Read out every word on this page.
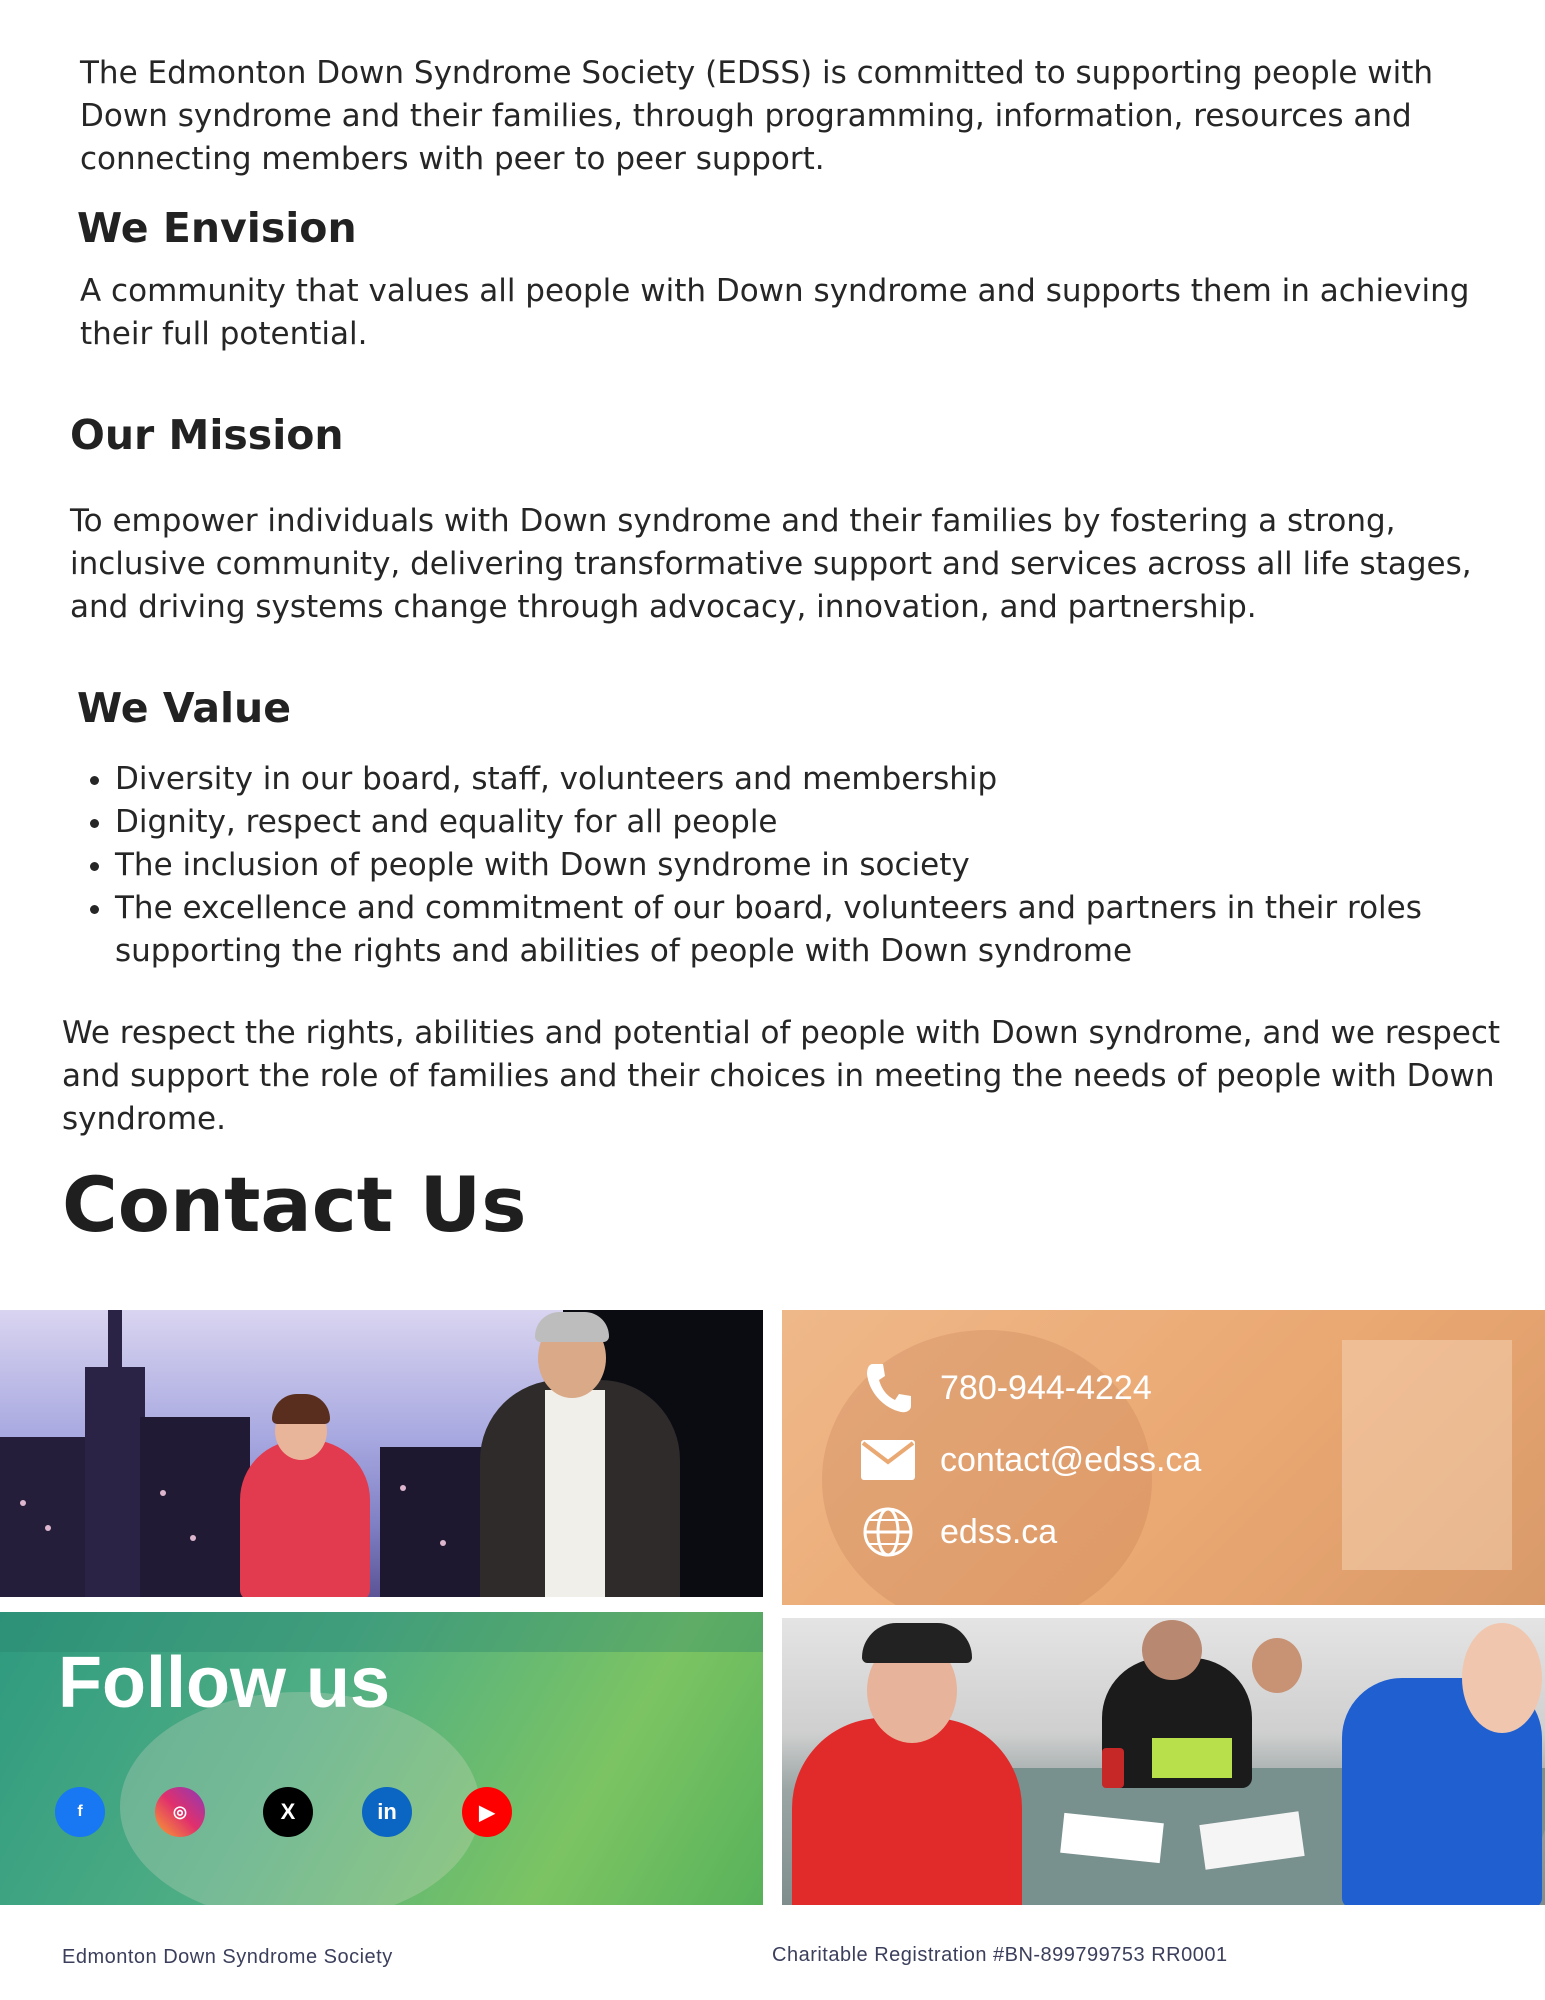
The Edmonton Down Syndrome Society (EDSS) is committed to supporting people with Down syndrome and their families, through programming, information, resources and connecting members with peer to peer support.

We Envision

A community that values all people with Down syndrome and supports them in achieving their full potential.

Our Mission

To empower individuals with Down syndrome and their families by fostering a strong, inclusive community, delivering transformative support and services across all life stages, and driving systems change through advocacy, innovation, and partnership.

We Value
• Diversity in our board, staff, volunteers and membership
• Dignity, respect and equality for all people
• The inclusion of people with Down syndrome in society
• The excellence and commitment of our board, volunteers and partners in their roles supporting the rights and abilities of people with Down syndrome

We respect the rights, abilities and potential of people with Down syndrome, and we respect and support the role of families and their choices in meeting the needs of people with Down syndrome.

Contact Us
780-944-4224
contact@edss.ca
edss.ca
Follow us
f	◎	X	in	▶
Edmonton Down Syndrome Society	Charitable Registration #BN-899799753 RR0001
